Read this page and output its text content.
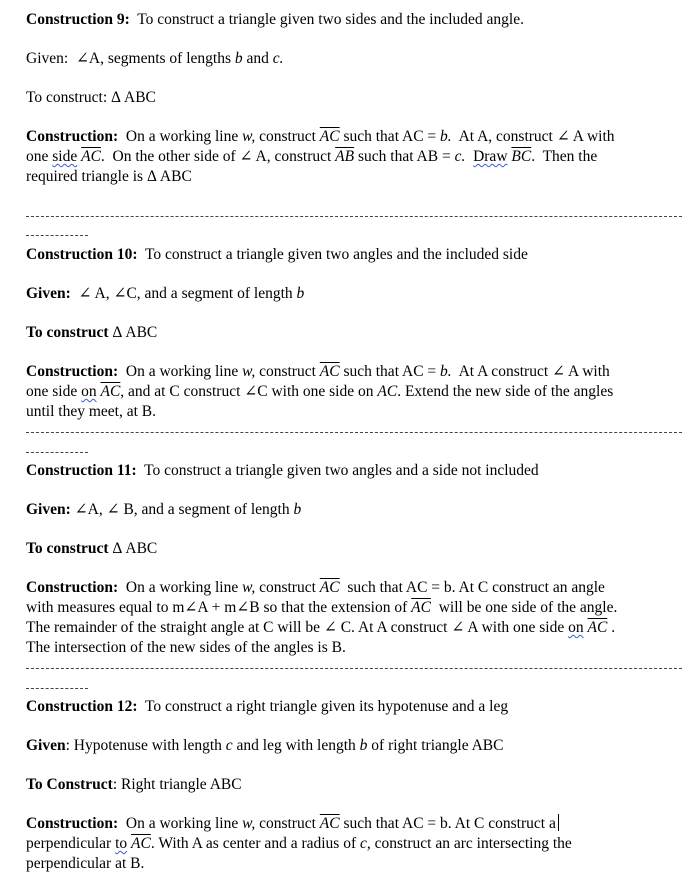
Construction 9: To construct a triangle given two sides and the included angle.
Given: ∠A, segments of lengths b and c.
To construct: Δ ABC
Construction: On a working line w, construct $\overline{AC}$ such that AC = b. At A, construct ∠ A with
one side $\overline{AC}$.  On the other side of ∠ A, construct $\overline{AB}$ such that AB = c. Draw $\overline{BC}$.  Then the
required triangle is Δ ABC
Construction 10: To construct a triangle given two angles and the included side
Given: ∠ A, ∠C, and a segment of length b
To construct Δ ABC
Construction: On a working line w, construct $\overline{AC}$ such that AC = b. At A construct ∠ A with
one side on $\overline{AC}$, and at C construct ∠C with one side on AC. Extend the new side of the angles
until they meet, at B.
Construction 11: To construct a triangle given two angles and a side not included
Given: ∠A, ∠ B, and a segment of length b
To construct Δ ABC
Construction: On a working line w, construct $\overline{AC}$ such that AC = b. At C construct an angle
with measures equal to m∠A + m∠B so that the extension of $\overline{AC}$ will be one side of the angle.
The remainder of the straight angle at C will be ∠ C. At A construct ∠ A with one side on $\overline{AC}$ .
The intersection of the new sides of the angles is B.
Construction 12: To construct a right triangle given its hypotenuse and a leg
Given: Hypotenuse with length c and leg with length b of right triangle ABC
To Construct: Right triangle ABC
Construction: On a working line w, construct $\overline{AC}$ such that AC = b. At C construct a
perpendicular to $\overline{AC}$. With A as center and a radius of c, construct an arc intersecting the
perpendicular at B.
